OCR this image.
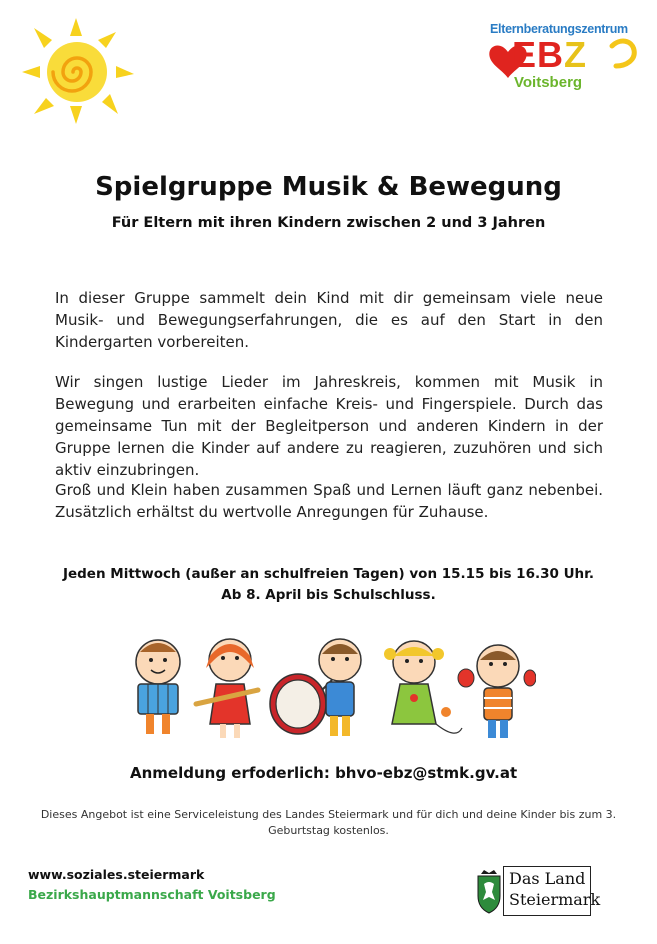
Elternberatungszentrum
EBZ
Voitsberg
Spielgruppe Musik & Bewegung
Für Eltern mit ihren Kindern zwischen 2 und 3 Jahren
In dieser Gruppe sammelt dein Kind mit dir gemeinsam viele neue Musik- und Bewegungserfahrungen, die es auf den Start in den Kindergarten vorbereiten.
Wir singen lustige Lieder im Jahreskreis, kommen mit Musik in Bewegung und erarbeiten einfache Kreis- und Fingerspiele. Durch das gemeinsame Tun mit der Begleitperson und anderen Kindern in der Gruppe lernen die Kinder auf andere zu reagieren, zuzuhören und sich aktiv einzubringen.
Groß und Klein haben zusammen Spaß und Lernen läuft ganz nebenbei. Zusätzlich erhältst du wertvolle Anregungen für Zuhause.
Jeden Mittwoch (außer an schulfreien Tagen) von 15.15 bis 16.30 Uhr.
Ab 8. April bis Schulschluss.
Anmeldung erfoderlich: bhvo-ebz@stmk.gv.at
Dieses Angebot ist eine Serviceleistung des Landes Steiermark und für dich und deine Kinder bis zum 3. Geburtstag kostenlos.
www.soziales.steiermark
Bezirkshauptmannschaft Voitsberg
Das Land
Steiermark
